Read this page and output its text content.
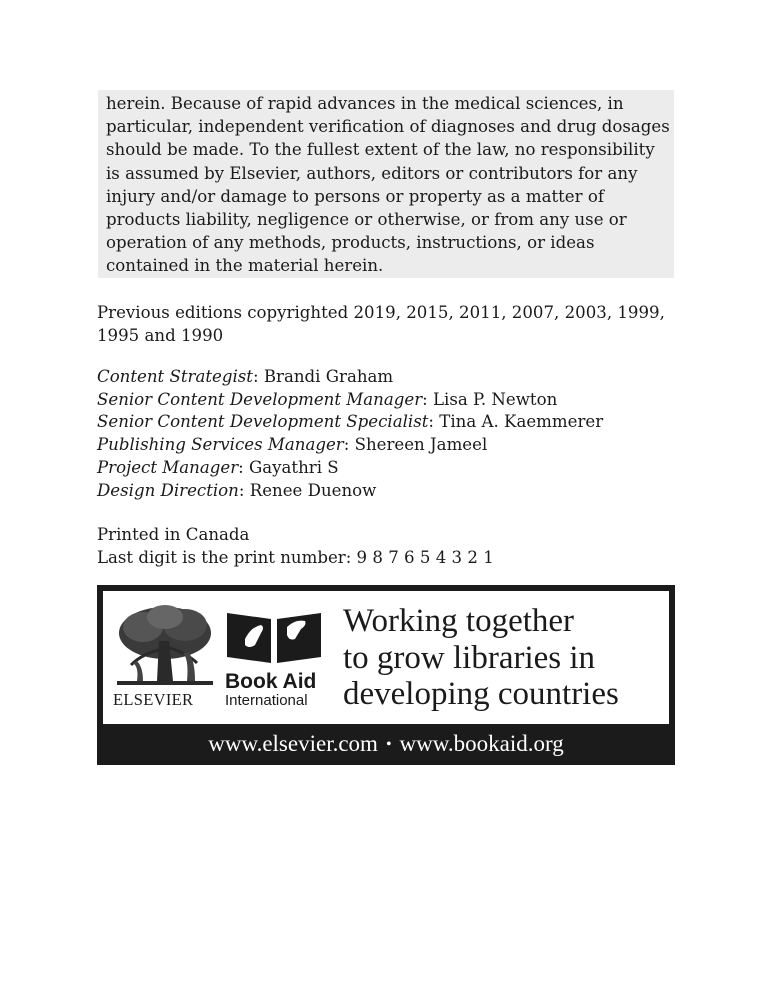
herein. Because of rapid advances in the medical sciences, in
particular, independent verification of diagnoses and drug dosages
should be made. To the fullest extent of the law, no responsibility
is assumed by Elsevier, authors, editors or contributors for any
injury and/or damage to persons or property as a matter of
products liability, negligence or otherwise, or from any use or
operation of any methods, products, instructions, or ideas
contained in the material herein.

Previous editions copyrighted 2019, 2015, 2011, 2007, 2003, 1999,
1995 and 1990

Content Strategist: Brandi Graham
Senior Content Development Manager: Lisa P. Newton
Senior Content Development Specialist: Tina A. Kaemmerer
Publishing Services Manager: Shereen Jameel
Project Manager: Gayathri S
Design Direction: Renee Duenow

Printed in Canada
Last digit is the print number: 9 8 7 6 5 4 3 2 1

ELSEVIER
Book Aid
International
Working together
to grow libraries in
developing countries
www.elsevier.com • www.bookaid.org
